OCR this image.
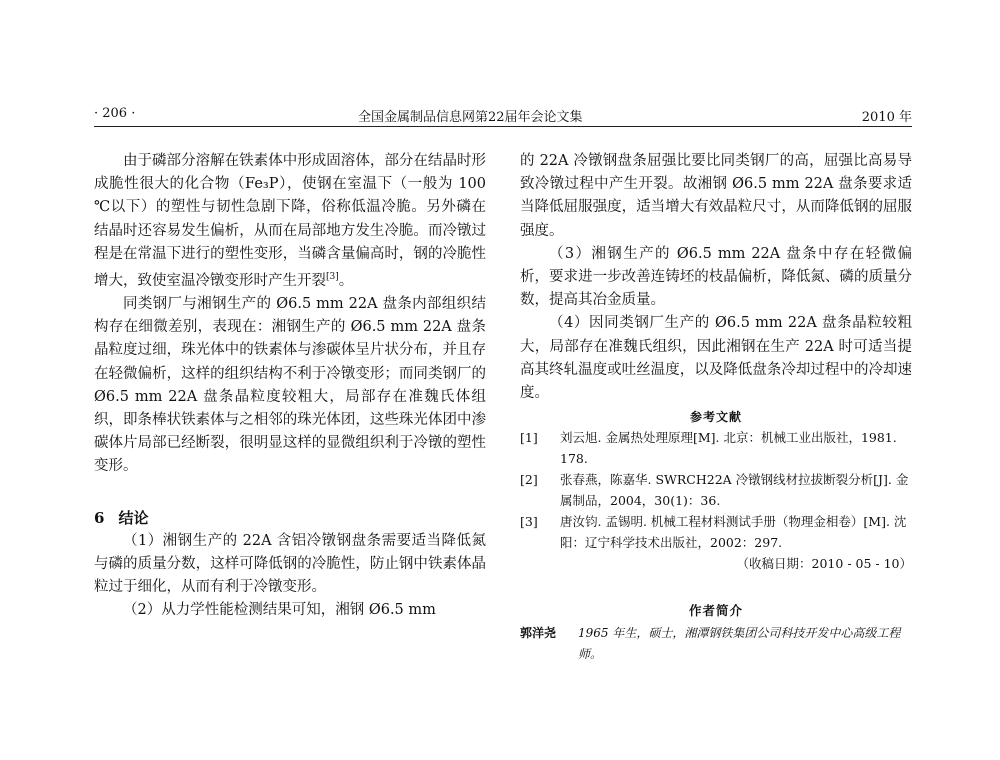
· 206 ·	全国金属制品信息网第22届年会论文集	2010 年

由于磷部分溶解在铁素体中形成固溶体，部分在结晶时形成脆性很大的化合物（Fe₃P），使钢在室温下（一般为 100 ℃以下）的塑性与韧性急剧下降，俗称低温冷脆。另外磷在结晶时还容易发生偏析，从而在局部地方发生冷脆。而冷镦过程是在常温下进行的塑性变形，当磷含量偏高时，钢的冷脆性增大，致使室温冷镦变形时产生开裂[3]。

同类钢厂与湘钢生产的 Ø6.5 mm 22A 盘条内部组织结构存在细微差别，表现在：湘钢生产的 Ø6.5 mm 22A 盘条晶粒度过细，珠光体中的铁素体与渗碳体呈片状分布，并且存在轻微偏析，这样的组织结构不利于冷镦变形；而同类钢厂的 Ø6.5 mm 22A 盘条晶粒度较粗大，局部存在准魏氏体组织，即条棒状铁素体与之相邻的珠光体团，这些珠光体团中渗碳体片局部已经断裂，很明显这样的显微组织利于冷镦的塑性变形。

6 结论

（1）湘钢生产的 22A 含铝冷镦钢盘条需要适当降低氮与磷的质量分数，这样可降低钢的冷脆性，防止钢中铁素体晶粒过于细化，从而有利于冷镦变形。

（2）从力学性能检测结果可知，湘钢 Ø6.5 mm

的 22A 冷镦钢盘条屈强比要比同类钢厂的高，屈强比高易导致冷镦过程中产生开裂。故湘钢 Ø6.5 mm 22A 盘条要求适当降低屈服强度，适当增大有效晶粒尺寸，从而降低钢的屈服强度。

（3）湘钢生产的 Ø6.5 mm 22A 盘条中存在轻微偏析，要求进一步改善连铸坯的枝晶偏析，降低氮、磷的质量分数，提高其冶金质量。

（4）因同类钢厂生产的 Ø6.5 mm 22A 盘条晶粒较粗大，局部存在准魏氏组织，因此湘钢在生产 22A 时可适当提高其终轧温度或吐丝温度，以及降低盘条冷却过程中的冷却速度。

参考文献

[1] 刘云旭. 金属热处理原理[M]. 北京：机械工业出版社，1981. 178.

[2] 张春燕，陈嘉华. SWRCH22A 冷镦钢线材拉拔断裂分析[J]. 金属制品，2004，30(1)：36.

[3] 唐汝钧. 孟锡明. 机械工程材料测试手册（物理金相卷）[M]. 沈阳：辽宁科学技术出版社，2002：297.

（收稿日期：2010 - 05 - 10）

作者简介

郭洋尧 1965 年生，硕士，湘潭钢铁集团公司科技开发中心高级工程师。
